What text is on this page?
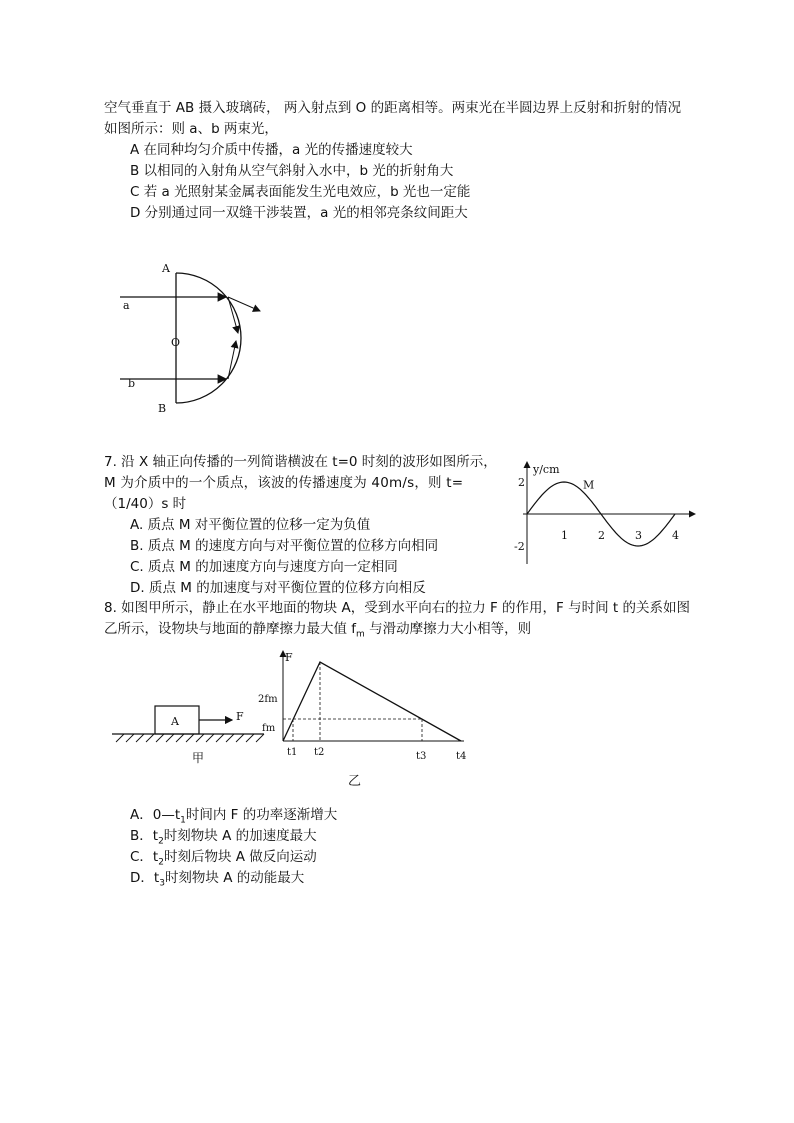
空气垂直于 AB 摄入玻璃砖， 两入射点到 O 的距离相等。两束光在半圆边界上反射和折射的情况
如图所示：则 a、b 两束光，
A 在同种均匀介质中传播，a 光的传播速度较大
B 以相同的入射角从空气斜射入水中，b 光的折射角大
C 若 a 光照射某金属表面能发生光电效应，b 光也一定能
D 分别通过同一双缝干涉装置，a 光的相邻亮条纹间距大
A
B
O
a
b
7. 沿 X 轴正向传播的一列简谐横波在 t=0 时刻的波形如图所示，
M 为介质中的一个质点，该波的传播速度为 40m/s，则 t=
（1/40）s 时
A. 质点 M 对平衡位置的位移一定为负值
B. 质点 M 的速度方向与对平衡位置的位移方向相同
C. 质点 M 的加速度方向与速度方向一定相同
D. 质点 M 的加速度与对平衡位置的位移方向相反
y/cm
1	2	3	4
2
-2
M
8. 如图甲所示，静止在水平地面的物块 A，受到水平向右的拉力 F 的作用，F 与时间 t 的关系如图
乙所示，设物块与地面的静摩擦力最大值 $f_m$ 与滑动摩擦力大小相等，则
A	F
甲
F
2fm
fm
t1 t2	t3	t4
乙
A．$0—t_1$时间内 F 的功率逐渐增大
B．$t_2$时刻物块 A 的加速度最大
C．$t_2$时刻后物块 A 做反向运动
D．$t_3$时刻物块 A 的动能最大
